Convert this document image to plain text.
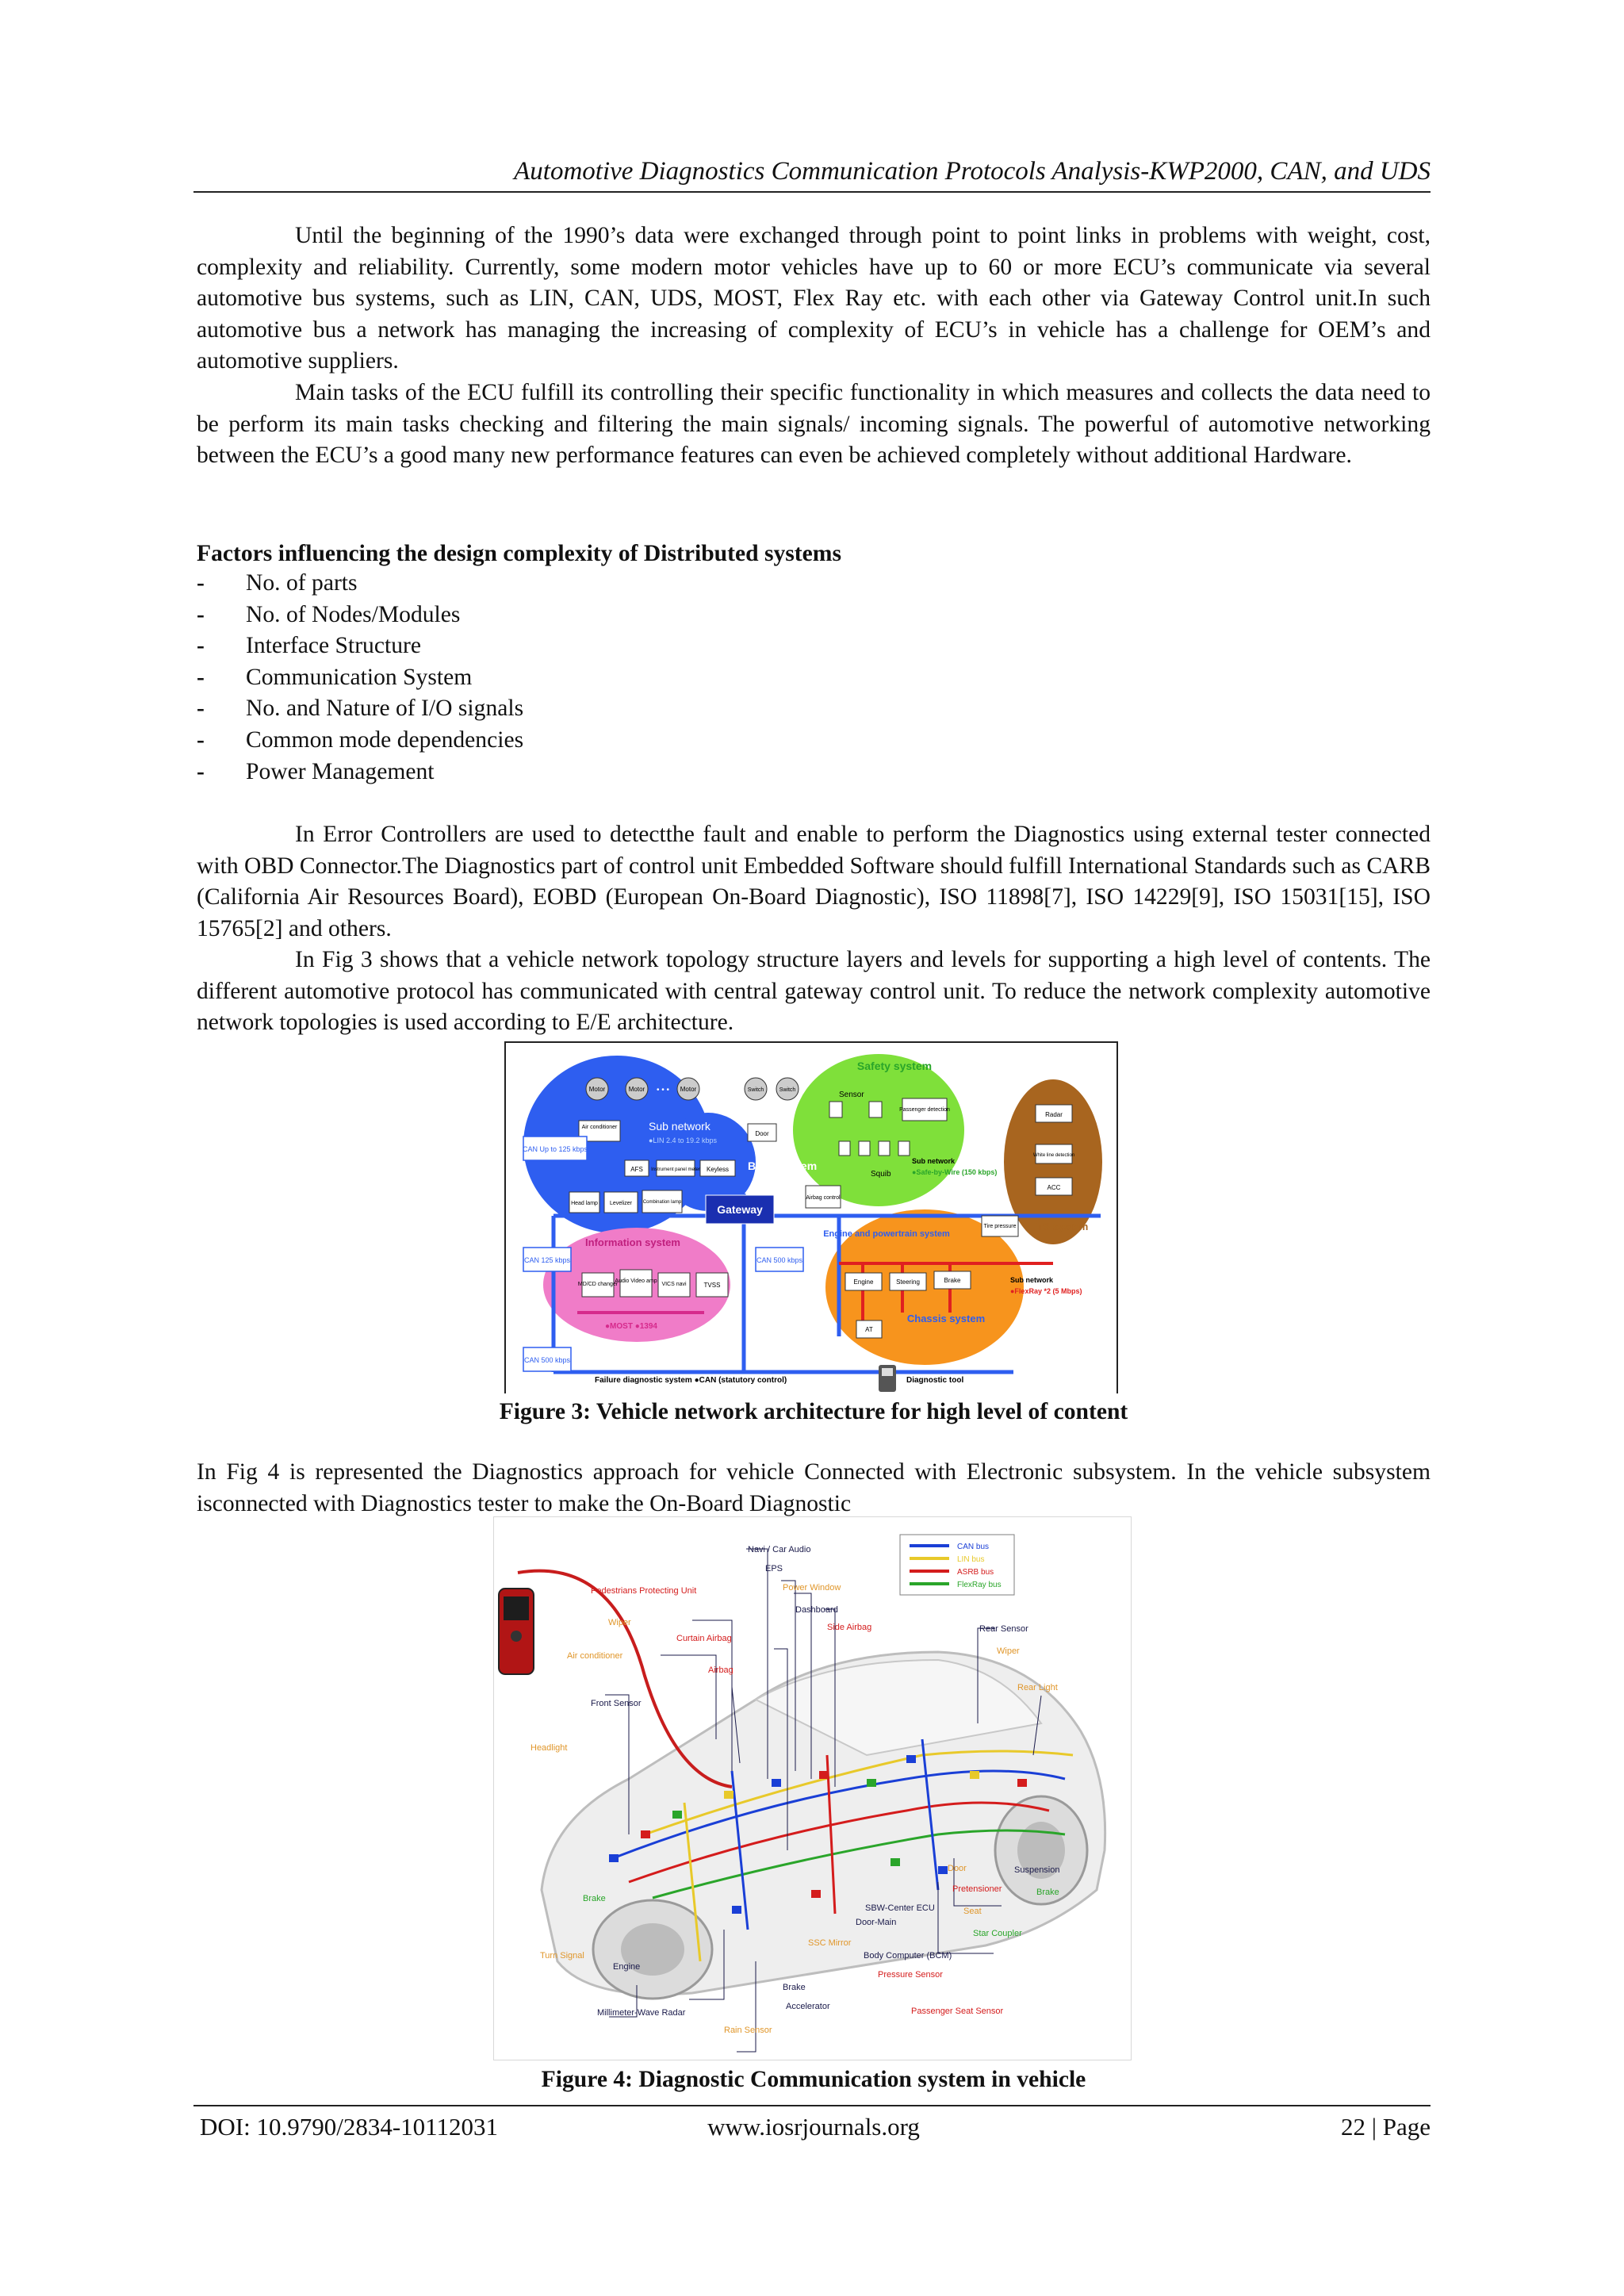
Automotive Diagnostics Communication Protocols Analysis-KWP2000, CAN, and UDS

Until the beginning of the 1990’s data were exchanged through point to point links in problems with weight, cost, complexity and reliability. Currently, some modern motor vehicles have up to 60 or more ECU’s communicate via several automotive bus systems, such as LIN, CAN, UDS, MOST, Flex Ray etc. with each other via Gateway Control unit.In such automotive bus a network has managing the increasing of complexity of ECU’s in vehicle has a challenge for OEM’s and automotive suppliers.

Main tasks of the ECU fulfill its controlling their specific functionality in which measures and collects the data need to be perform its main tasks checking and filtering the main signals/ incoming signals. The powerful of automotive networking between the ECU’s a good many new performance features can even be achieved completely without additional Hardware.

Factors influencing the design complexity of Distributed systems
-	No. of parts
-	No. of Nodes/Modules
-	Interface Structure
-	Communication System
-	No. and Nature of I/O signals
-	Common mode dependencies
-	Power Management

In Error Controllers are used to detectthe fault and enable to perform the Diagnostics using external tester connected with OBD Connector.The Diagnostics part of control unit Embedded Software should fulfill International Standards such as CARB (California Air Resources Board), EOBD (European On-Board Diagnostic), ISO 11898[7], ISO 14229[9], ISO 15031[15], ISO 15765[2] and others.

In Fig 3 shows that a vehicle network topology structure layers and levels for supporting a high level of contents. The different automotive protocol has communicated with central gateway control unit. To reduce the network complexity automotive network topologies is used according to E/E architecture.

Motor	Motor • • • Motor	Switch	Switch
Air conditioner	Sub network
●LIN 2.4 to 19.2 kbps
Door
AFS Instrument panel meter Keyless Body system
Head lamp Levelizer Combination lamp
Gateway
CAN Up to 125 kbps
CAN 125 kbps
CAN 500 kbps
CAN 500 kbps
Safety system
Sensor
Passenger detection
Squib
Sub network
●Safe-by-Wire (150 kbps)
Airbag control
Radar
White line detection
ACC
ITS system
Information system
MD/CD changer
Audio Video amp
VICS navi	TVSS
●MOST ●1394
Engine and powertrain system
Tire pressure
Engine	Steering	Brake
AT
Chassis system
Sub network
●FlexRay *2 (5 Mbps)
Failure diagnostic system ●CAN (statutory control)	Diagnostic tool
Figure 3: Vehicle network architecture for high level of content

In Fig 4 is represented the Diagnostics approach for vehicle Connected with Electronic subsystem. In the vehicle subsystem isconnected with Diagnostics tester to make the On-Board Diagnostic

CAN bus
LIN bus
ASRB bus
FlexRay bus
Navi / Car Audio
EPS
Power Window
Dashboard
Side Airbag
Pedestrians Protecting Unit
Wiper
Curtain Airbag
Air conditioner
Airbag
Front Sensor
Headlight
Rear Sensor
Wiper
Rear Light
Door	Suspension
Pretensioner	Brake
Seat
Brake
SBW-Center ECU
Door-Main
Star Coupler
Turn Signal
Engine
Body Computer (BCM)
SSC Mirror
Pressure Sensor
Brake
Millimeter-Wave Radar
Accelerator	Passenger Seat Sensor
Rain Sensor
Figure 4: Diagnostic Communication system in vehicle
DOI: 10.9790/2834-10112031	www.iosrjournals.org	22 | Page
